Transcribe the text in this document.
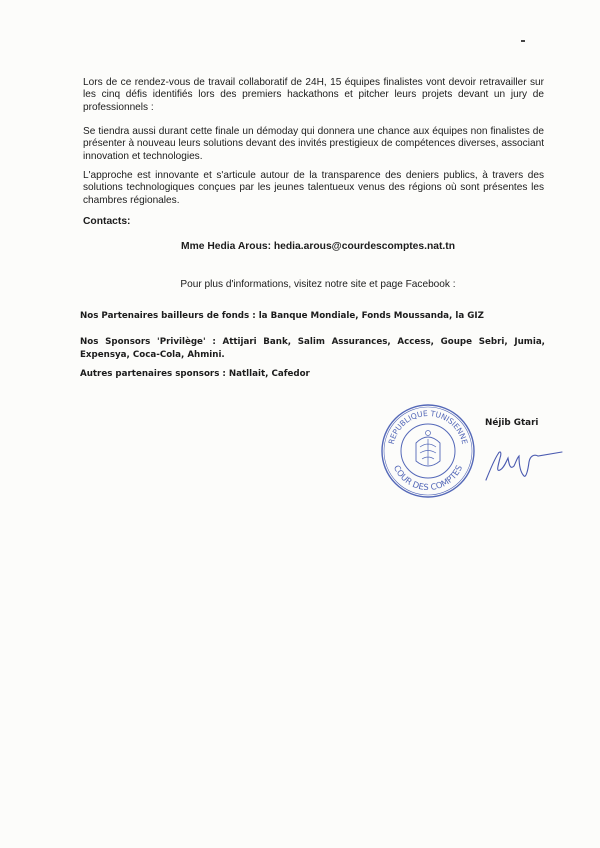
Lors de ce rendez-vous de travail collaboratif de 24H, 15 équipes finalistes vont devoir retravailler sur les cinq défis identifiés lors des premiers hackathons et pitcher leurs projets devant un jury de professionnels :

Se tiendra aussi durant cette finale un démoday qui donnera une chance aux équipes non finalistes de présenter à nouveau leurs solutions devant des invités prestigieux de compétences diverses, associant innovation et technologies.

L'approche est innovante et s'articule autour de la transparence des deniers publics, à travers des solutions technologiques conçues par les jeunes talentueux venus des régions où sont présentes les chambres régionales.

Contacts:

Mme Hedia Arous: hedia.arous@courdescomptes.nat.tn

Pour plus d'informations, visitez notre site et page Facebook :

Nos Partenaires bailleurs de fonds : la Banque Mondiale, Fonds Moussanda, la GIZ

Nos Sponsors 'Privilège' : Attijari Bank, Salim Assurances, Access, Goupe Sebri, Jumia, Expensya, Coca-Cola, Ahmini.

Autres partenaires sponsors : Natllait, Cafedor

Néjib Gtari

REPUBLIQUE TUNISIENNE
COUR DES COMPTES
